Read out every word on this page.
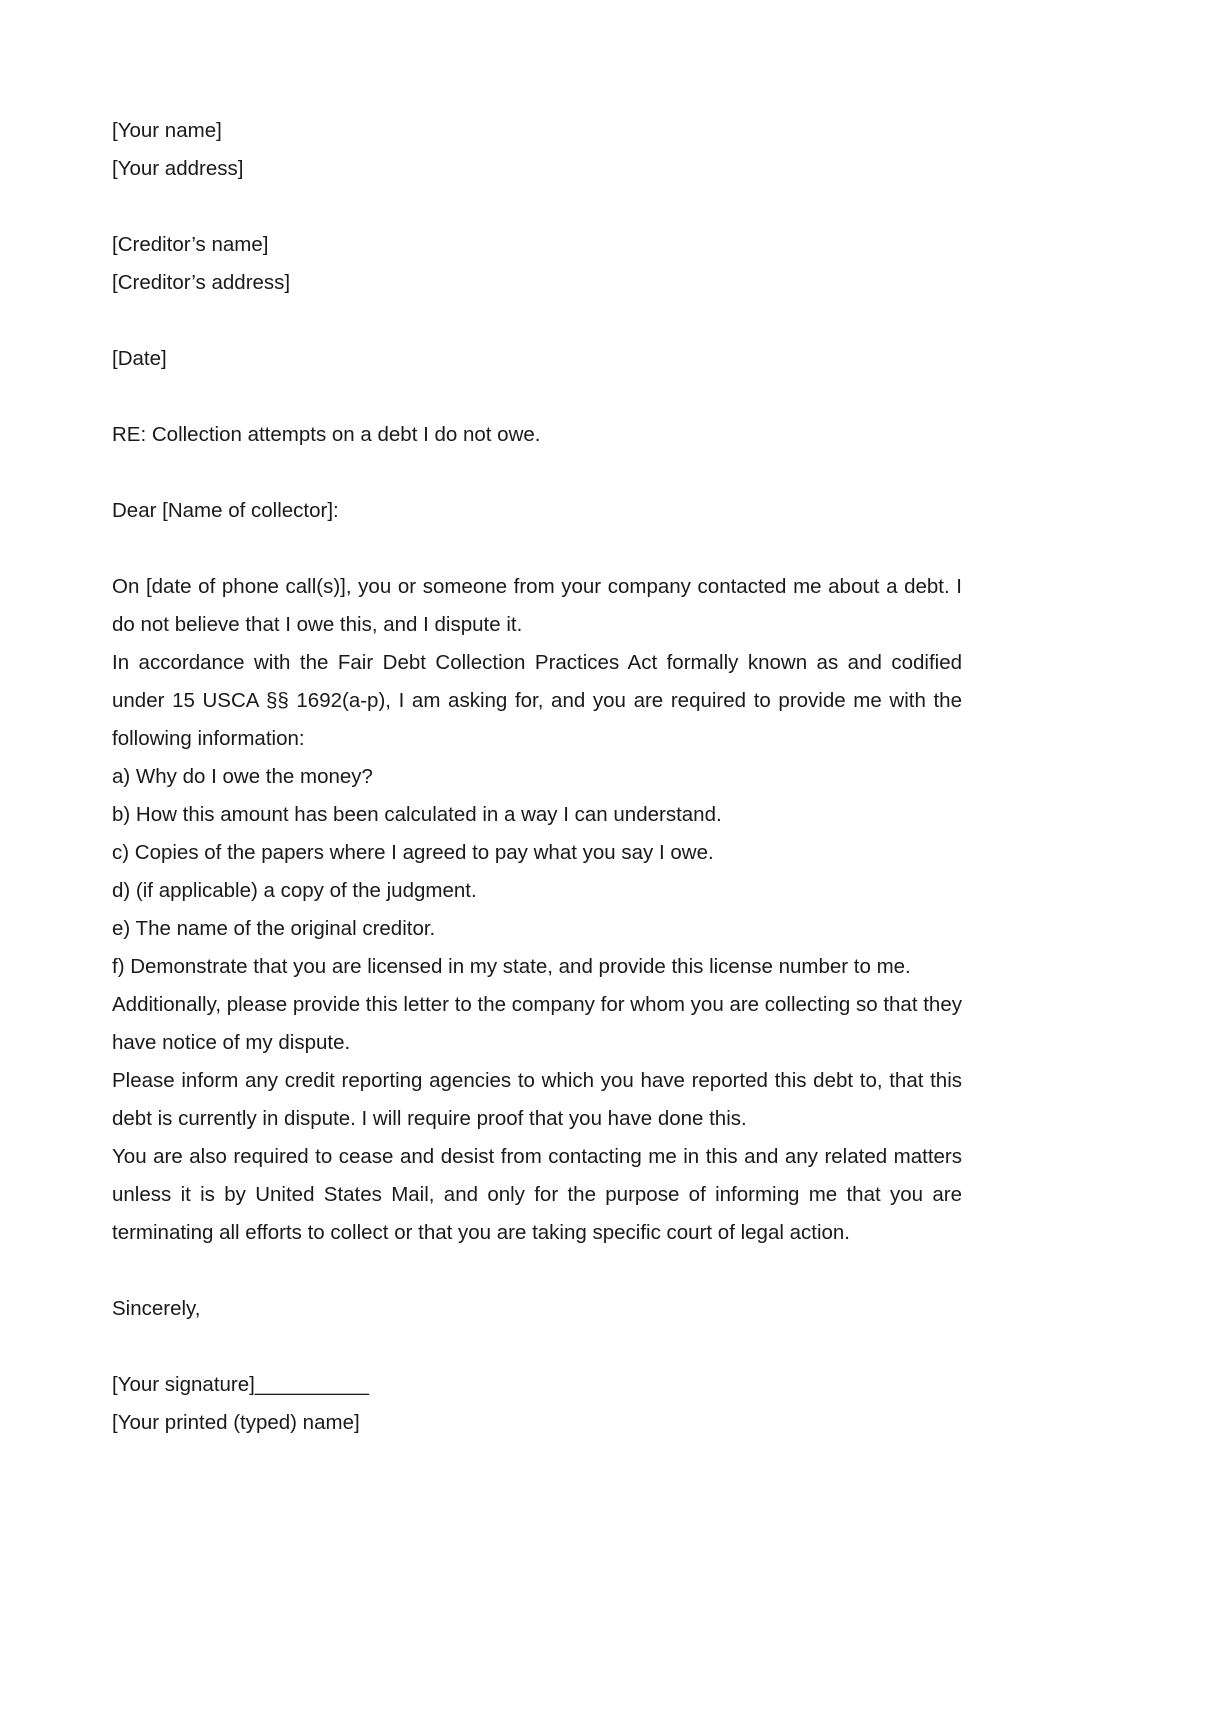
[Your name]
[Your address]
[Creditor’s name]
[Creditor’s address]
[Date]
RE: Collection attempts on a debt I do not owe.
Dear [Name of collector]:

On [date of phone call(s)], you or someone from your company contacted me about a debt. I do not believe that I owe this, and I dispute it.

In accordance with the Fair Debt Collection Practices Act formally known as and codified under 15 USCA §§ 1692(a-p), I am asking for, and you are required to provide me with the following information:

a) Why do I owe the money?

b) How this amount has been calculated in a way I can understand.

c) Copies of the papers where I agreed to pay what you say I owe.

d) (if applicable) a copy of the judgment.

e) The name of the original creditor.

f) Demonstrate that you are licensed in my state, and provide this license number to me.

Additionally, please provide this letter to the company for whom you are collecting so that they have notice of my dispute.

Please inform any credit reporting agencies to which you have reported this debt to, that this debt is currently in dispute. I will require proof that you have done this.

You are also required to cease and desist from contacting me in this and any related matters unless it is by United States Mail, and only for the purpose of informing me that you are terminating all efforts to collect or that you are taking specific court of legal action.

Sincerely,
[Your signature]__________
[Your printed (typed) name]
